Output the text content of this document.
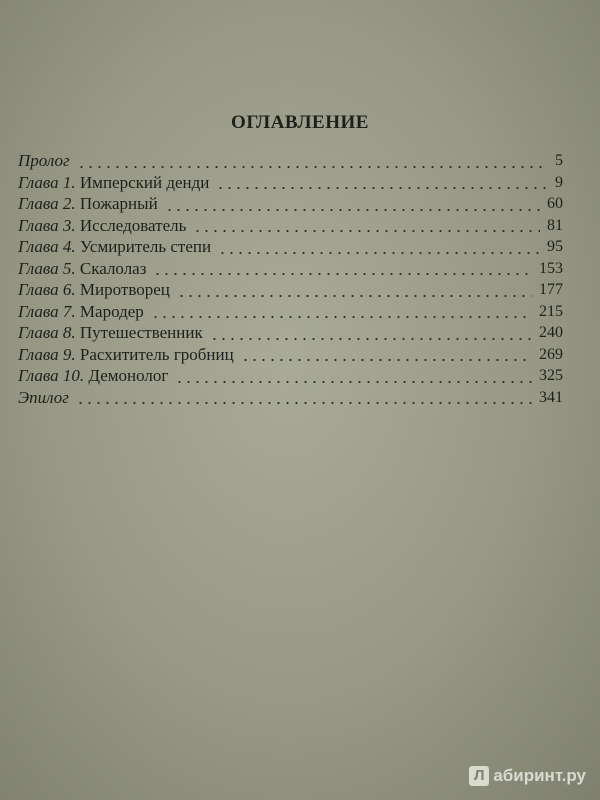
ОГЛАВЛЕНИЕ
Пролог	5
Глава 1. Имперский денди	9
Глава 2. Пожарный	60
Глава 3. Исследователь	81
Глава 4. Усмиритель степи	95
Глава 5. Скалолаз	153
Глава 6. Миротворец	177
Глава 7. Мародер	215
Глава 8. Путешественник	240
Глава 9. Расхититель гробниц	269
Глава 10. Демонолог	325
Эпилог	341
Л абиринт.ру
